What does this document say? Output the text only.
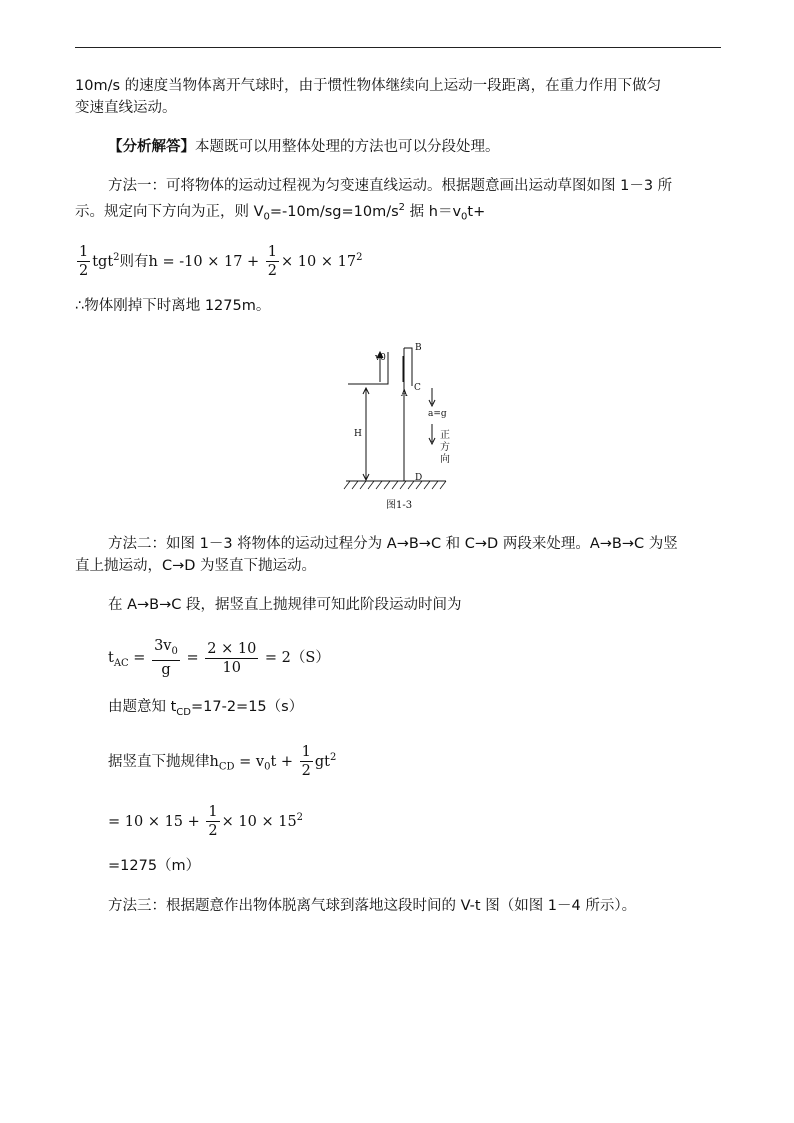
10m/s 的速度当物体离开气球时，由于惯性物体继续向上运动一段距离，在重力作用下做匀
变速直线运动。
【分析解答】本题既可以用整体处理的方法也可以分段处理。
方法一：可将物体的运动过程视为匀变速直线运动。根据题意画出运动草图如图 1－3 所
示。规定向下方向为正，则 $V_0=-10m/sg=10m/s^2$ 据 $h=v_0t+$
$\frac{1}{2} tgt^2$则有$h = -10 \times 17 + \frac{1}{2} \times 10 \times 17^2$
∴物体刚掉下时离地 1275m。
v0
B
C
A
D
H
a=g
正
方
向
图1-3
方法二：如图 1－3 将物体的运动过程分为 A→B→C 和 C→D 两段来处理。A→B→C 为竖
直上抛运动，C→D 为竖直下抛运动。
在 A→B→C 段，据竖直上抛规律可知此阶段运动时间为
$t_{AC} = \frac{3v_0}{g} = \frac{2 \times 10}{10} = 2(S)$
由题意知 $t_{CD}=17-2=15(s)$
据竖直下抛规律$h_{CD} = v_0t + \frac{1}{2} gt^2$
= $10 \times 15 + \frac{1}{2} \times 10 \times 15^2$
=1275（m）
方法三：根据题意作出物体脱离气球到落地这段时间的 V-t 图（如图 1－4 所示）。
